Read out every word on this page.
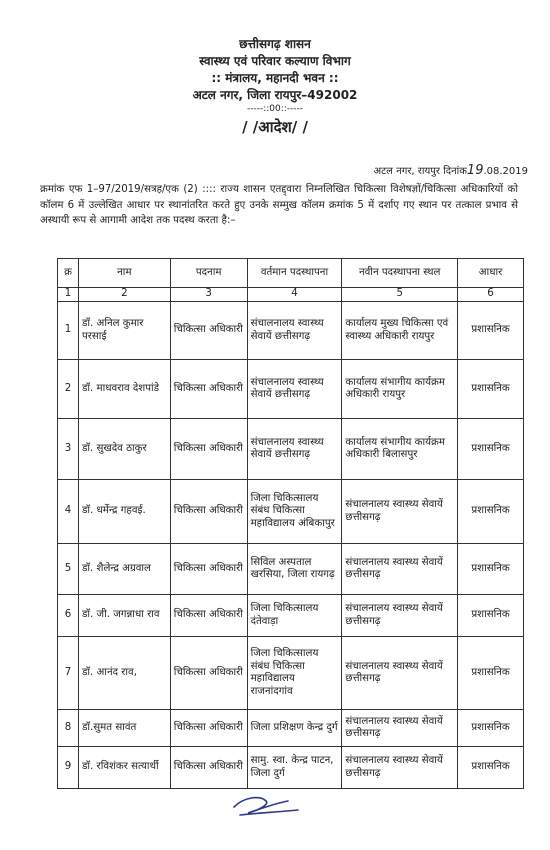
छत्तीसगढ़ शासन
स्वास्थ्य एवं परिवार कल्याण विभाग
:: मंत्रालय, महानदी भवन ::
अटल नगर, जिला रायपुर–492002
-----::00::-----
/ /आदेश/ /
अटल नगर, रायपुर दिनांक19.08.2019
क्रमांक एफ 1–97/2019/सत्रह/एक (2) :::: राज्य शासन एतद्द्वारा निम्नलिखित चिकित्सा विशेषज्ञों/चिकित्सा अधिकारियों को कॉलम 6 में उल्लेखित आधार पर स्थानांतरित करते हुए उनके सम्मुख कॉलम क्रमांक 5 में दर्शाए गए स्थान पर तत्काल प्रभाव से अस्थायी रूप से आगामी आदेश तक पदस्थ करता है:–
क्र	नाम	पदनाम	वर्तमान पदस्थापना	नवीन पदस्थापना स्थल	आधार
1	2	3	4	5	6
1	डॉ. अनिल कुमार परसाई	चिकित्सा अधिकारी	संचालनालय स्वास्थ्य सेवायें छत्तीसगढ़	कार्यालय मुख्य चिकित्सा एवं स्वास्थ्य अधिकारी रायपुर	प्रशासनिक
2	डॉ. माधवराव देशपांडे	चिकित्सा अधिकारी	संचालनालय स्वास्थ्य सेवायें छत्तीसगढ़	कार्यालय संभागीय कार्यक्रम अधिकारी रायपुर	प्रशासनिक
3	डॉ. सुखदेव ठाकुर	चिकित्सा अधिकारी	संचालनालय स्वास्थ्य सेवायें छत्तीसगढ़	कार्यालय संभागीय कार्यक्रम अधिकारी बिलासपुर	प्रशासनिक
4	डॉ. धर्मेन्द्र गहवई.	चिकित्सा अधिकारी	जिला चिकित्सालय संबंध चिकित्सा महाविद्यालय अंबिकापुर	संचालनालय स्वास्थ्य सेवायें छत्तीसगढ़	प्रशासनिक
5	डॉ. शैलेन्द्र अग्रवाल	चिकित्सा अधिकारी	सिविल अस्पताल खरसिया, जिला रायगढ़	संचालनालय स्वास्थ्य सेवायें छत्तीसगढ़	प्रशासनिक
6	डॉ. जी. जगन्नाधा राव	चिकित्सा अधिकारी	जिला चिकित्सालय दंतेवाड़ा	संचालनालय स्वास्थ्य सेवायें छत्तीसगढ़	प्रशासनिक
7	डॉ. आनंद राव,	चिकित्सा अधिकारी	जिला चिकित्सालय संबंध चिकित्सा महाविद्यालय राजनांदगांव	संचालनालय स्वास्थ्य सेवायें छत्तीसगढ़	प्रशासनिक
8	डॉ.सुमत सावंत	चिकित्सा अधिकारी	जिला प्रशिक्षण केन्द्र दुर्ग	संचालनालय स्वास्थ्य सेवायें छत्तीसगढ़	प्रशासनिक
9	डॉ. रविशंकर सत्यार्थी	चिकित्सा अधिकारी	सामु. स्वा. केन्द्र पाटन, जिला दुर्ग	संचालनालय स्वास्थ्य सेवायें छत्तीसगढ़	प्रशासनिक
